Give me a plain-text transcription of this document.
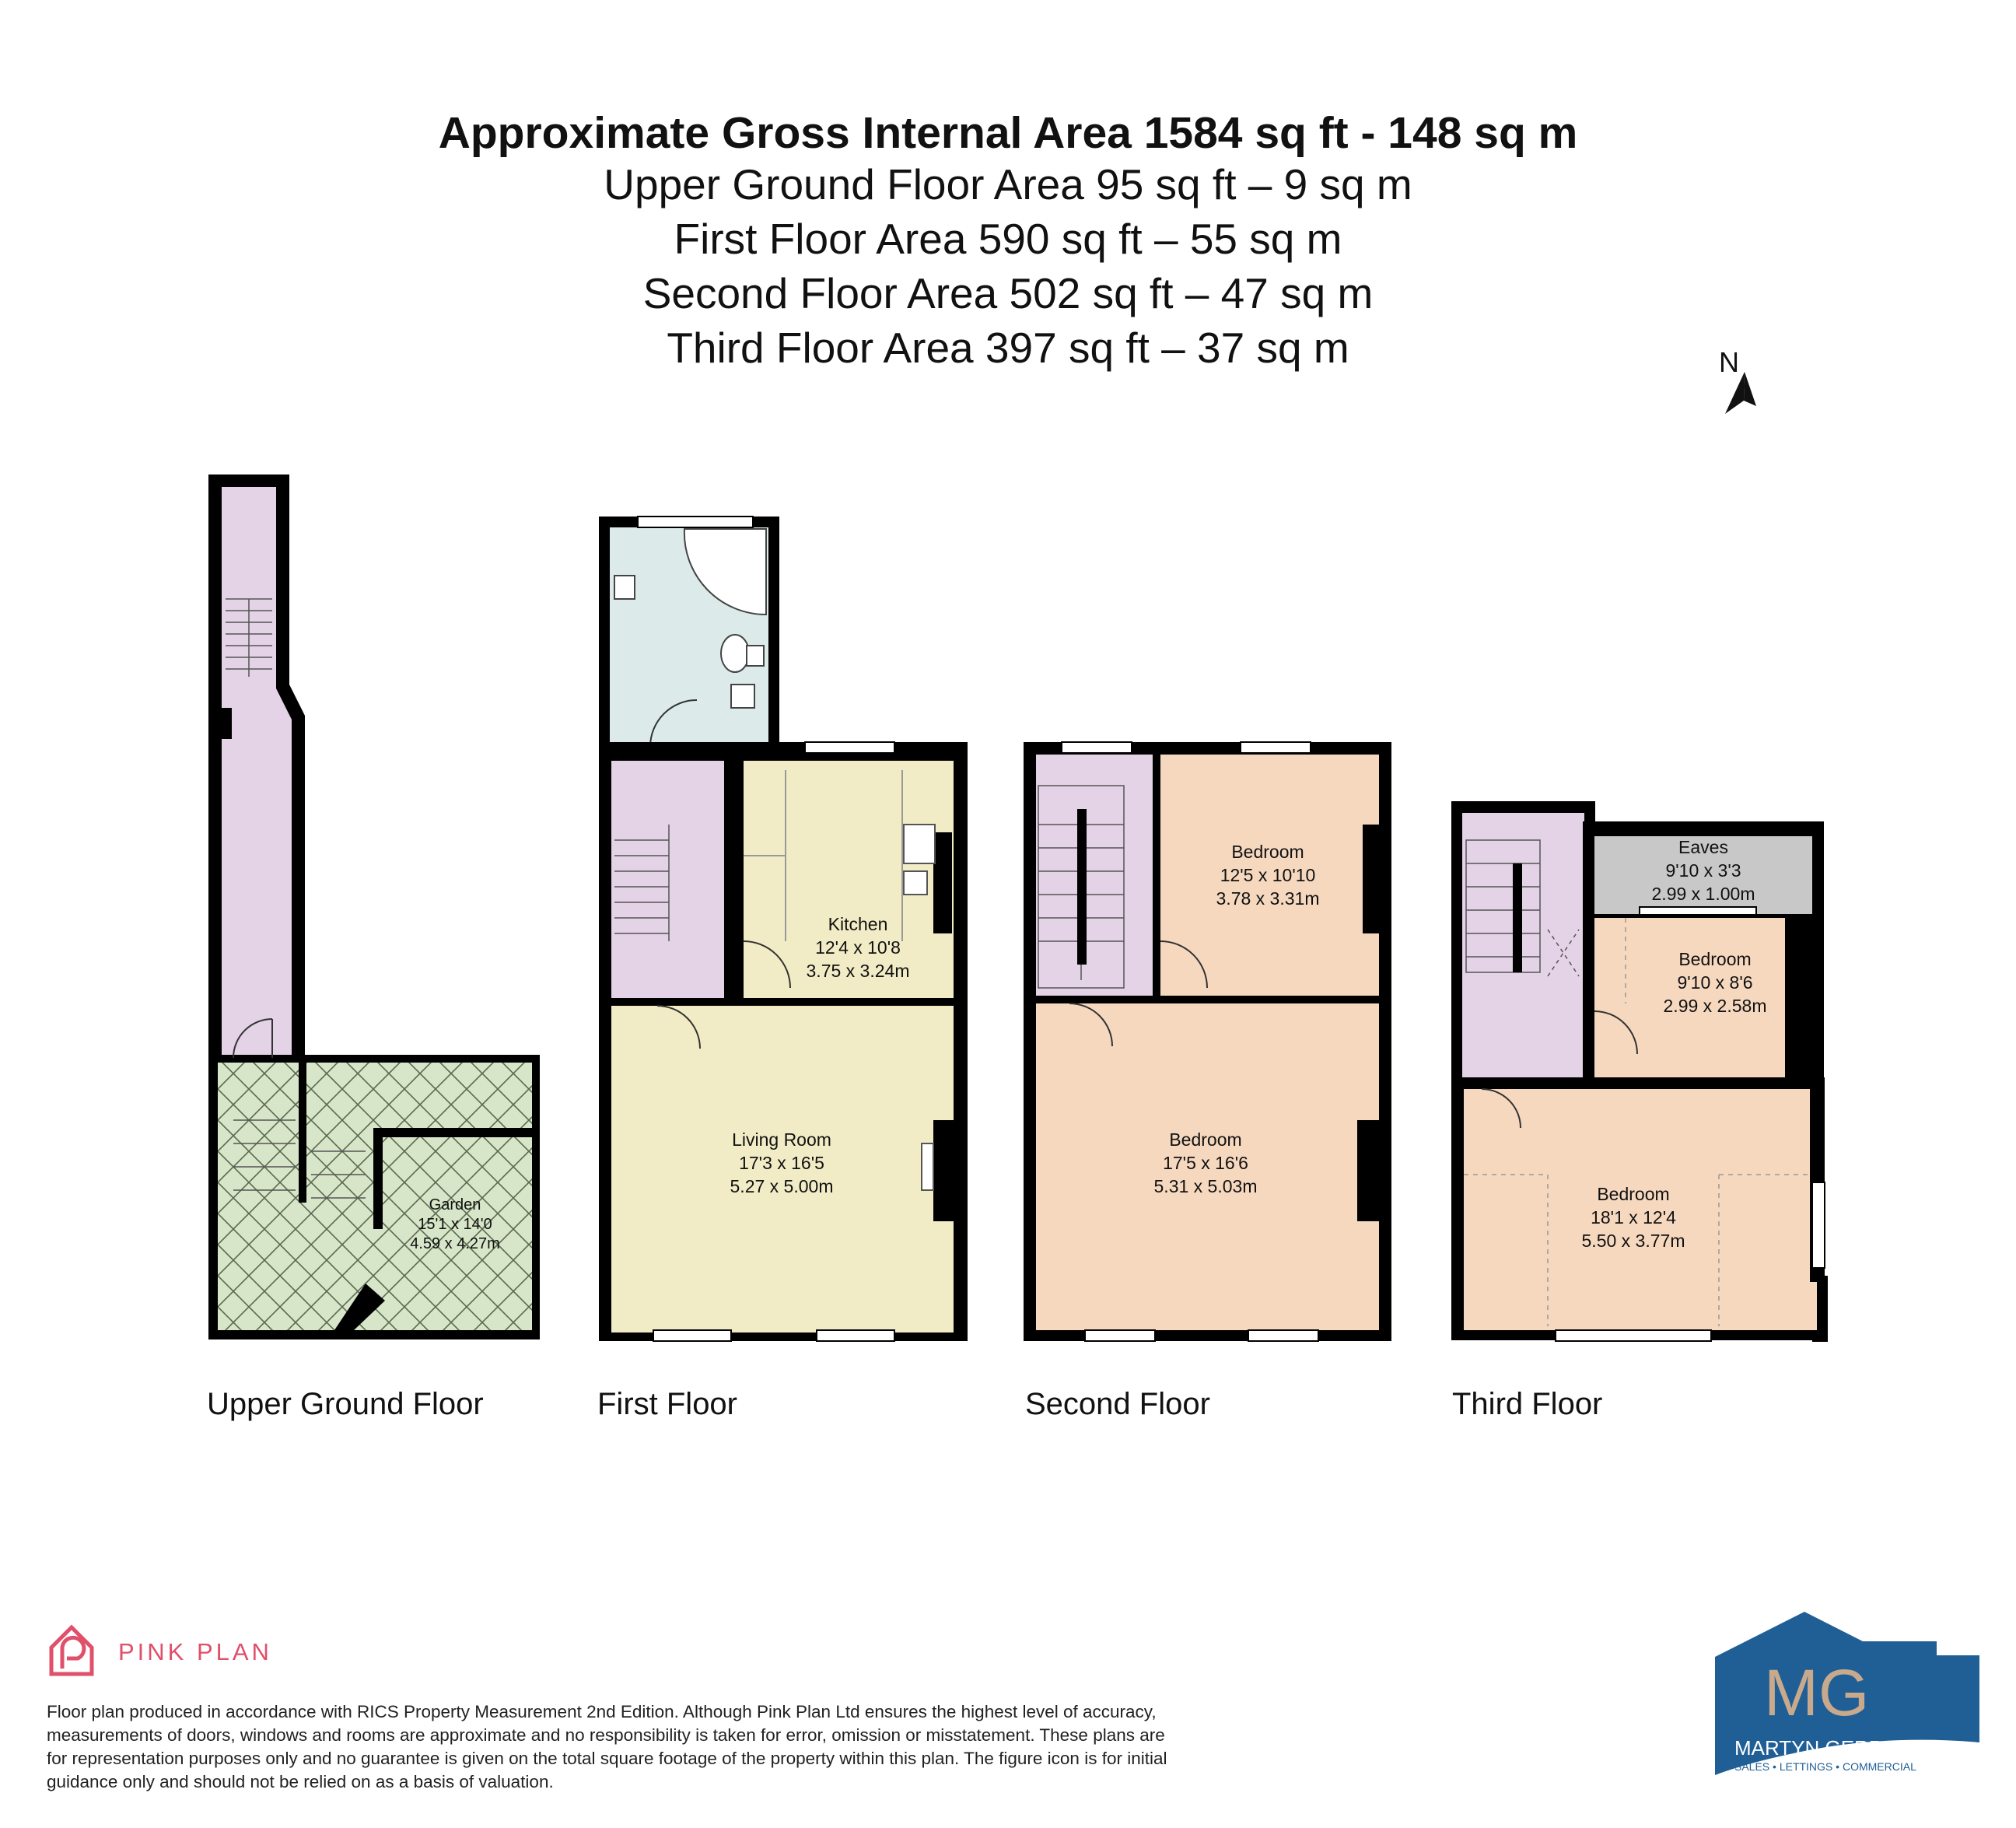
Approximate Gross Internal Area 1584 sq ft - 148 sq m
Upper Ground Floor Area 95 sq ft – 9 sq m
First Floor Area 590 sq ft – 55 sq m
Second Floor Area 502 sq ft – 47 sq m
Third Floor Area 397 sq ft – 37 sq m	N
Garden
15'1 x 14'0
4.59 x 4.27m
Kitchen
12'4 x 10'8
3.75 x 3.24m
Living Room
17'3 x 16'5
5.27 x 5.00m
Bedroom
12'5 x 10'10
3.78 x 3.31m
Bedroom
17'5 x 16'6
5.31 x 5.03m
Eaves
9'10 x 3'3
2.99 x 1.00m
Bedroom
9'10 x 8'6
2.99 x 2.58m
Bedroom
18'1 x 12'4
5.50 x 3.77m
MG
MARTYN GERRARD
SALES • LETTINGS • COMMERCIAL
Upper Ground Floor	First Floor	Second Floor	Third Floor
PINK PLAN
Floor plan produced in accordance with RICS Property Measurement 2nd Edition. Although Pink Plan Ltd ensures the highest level of accuracy, measurements of doors, windows and rooms are approximate and no responsibility is taken for error, omission or misstatement. These plans are for representation purposes only and no guarantee is given on the total square footage of the property within this plan. The figure icon is for initial guidance only and should not be relied on as a basis of valuation.
